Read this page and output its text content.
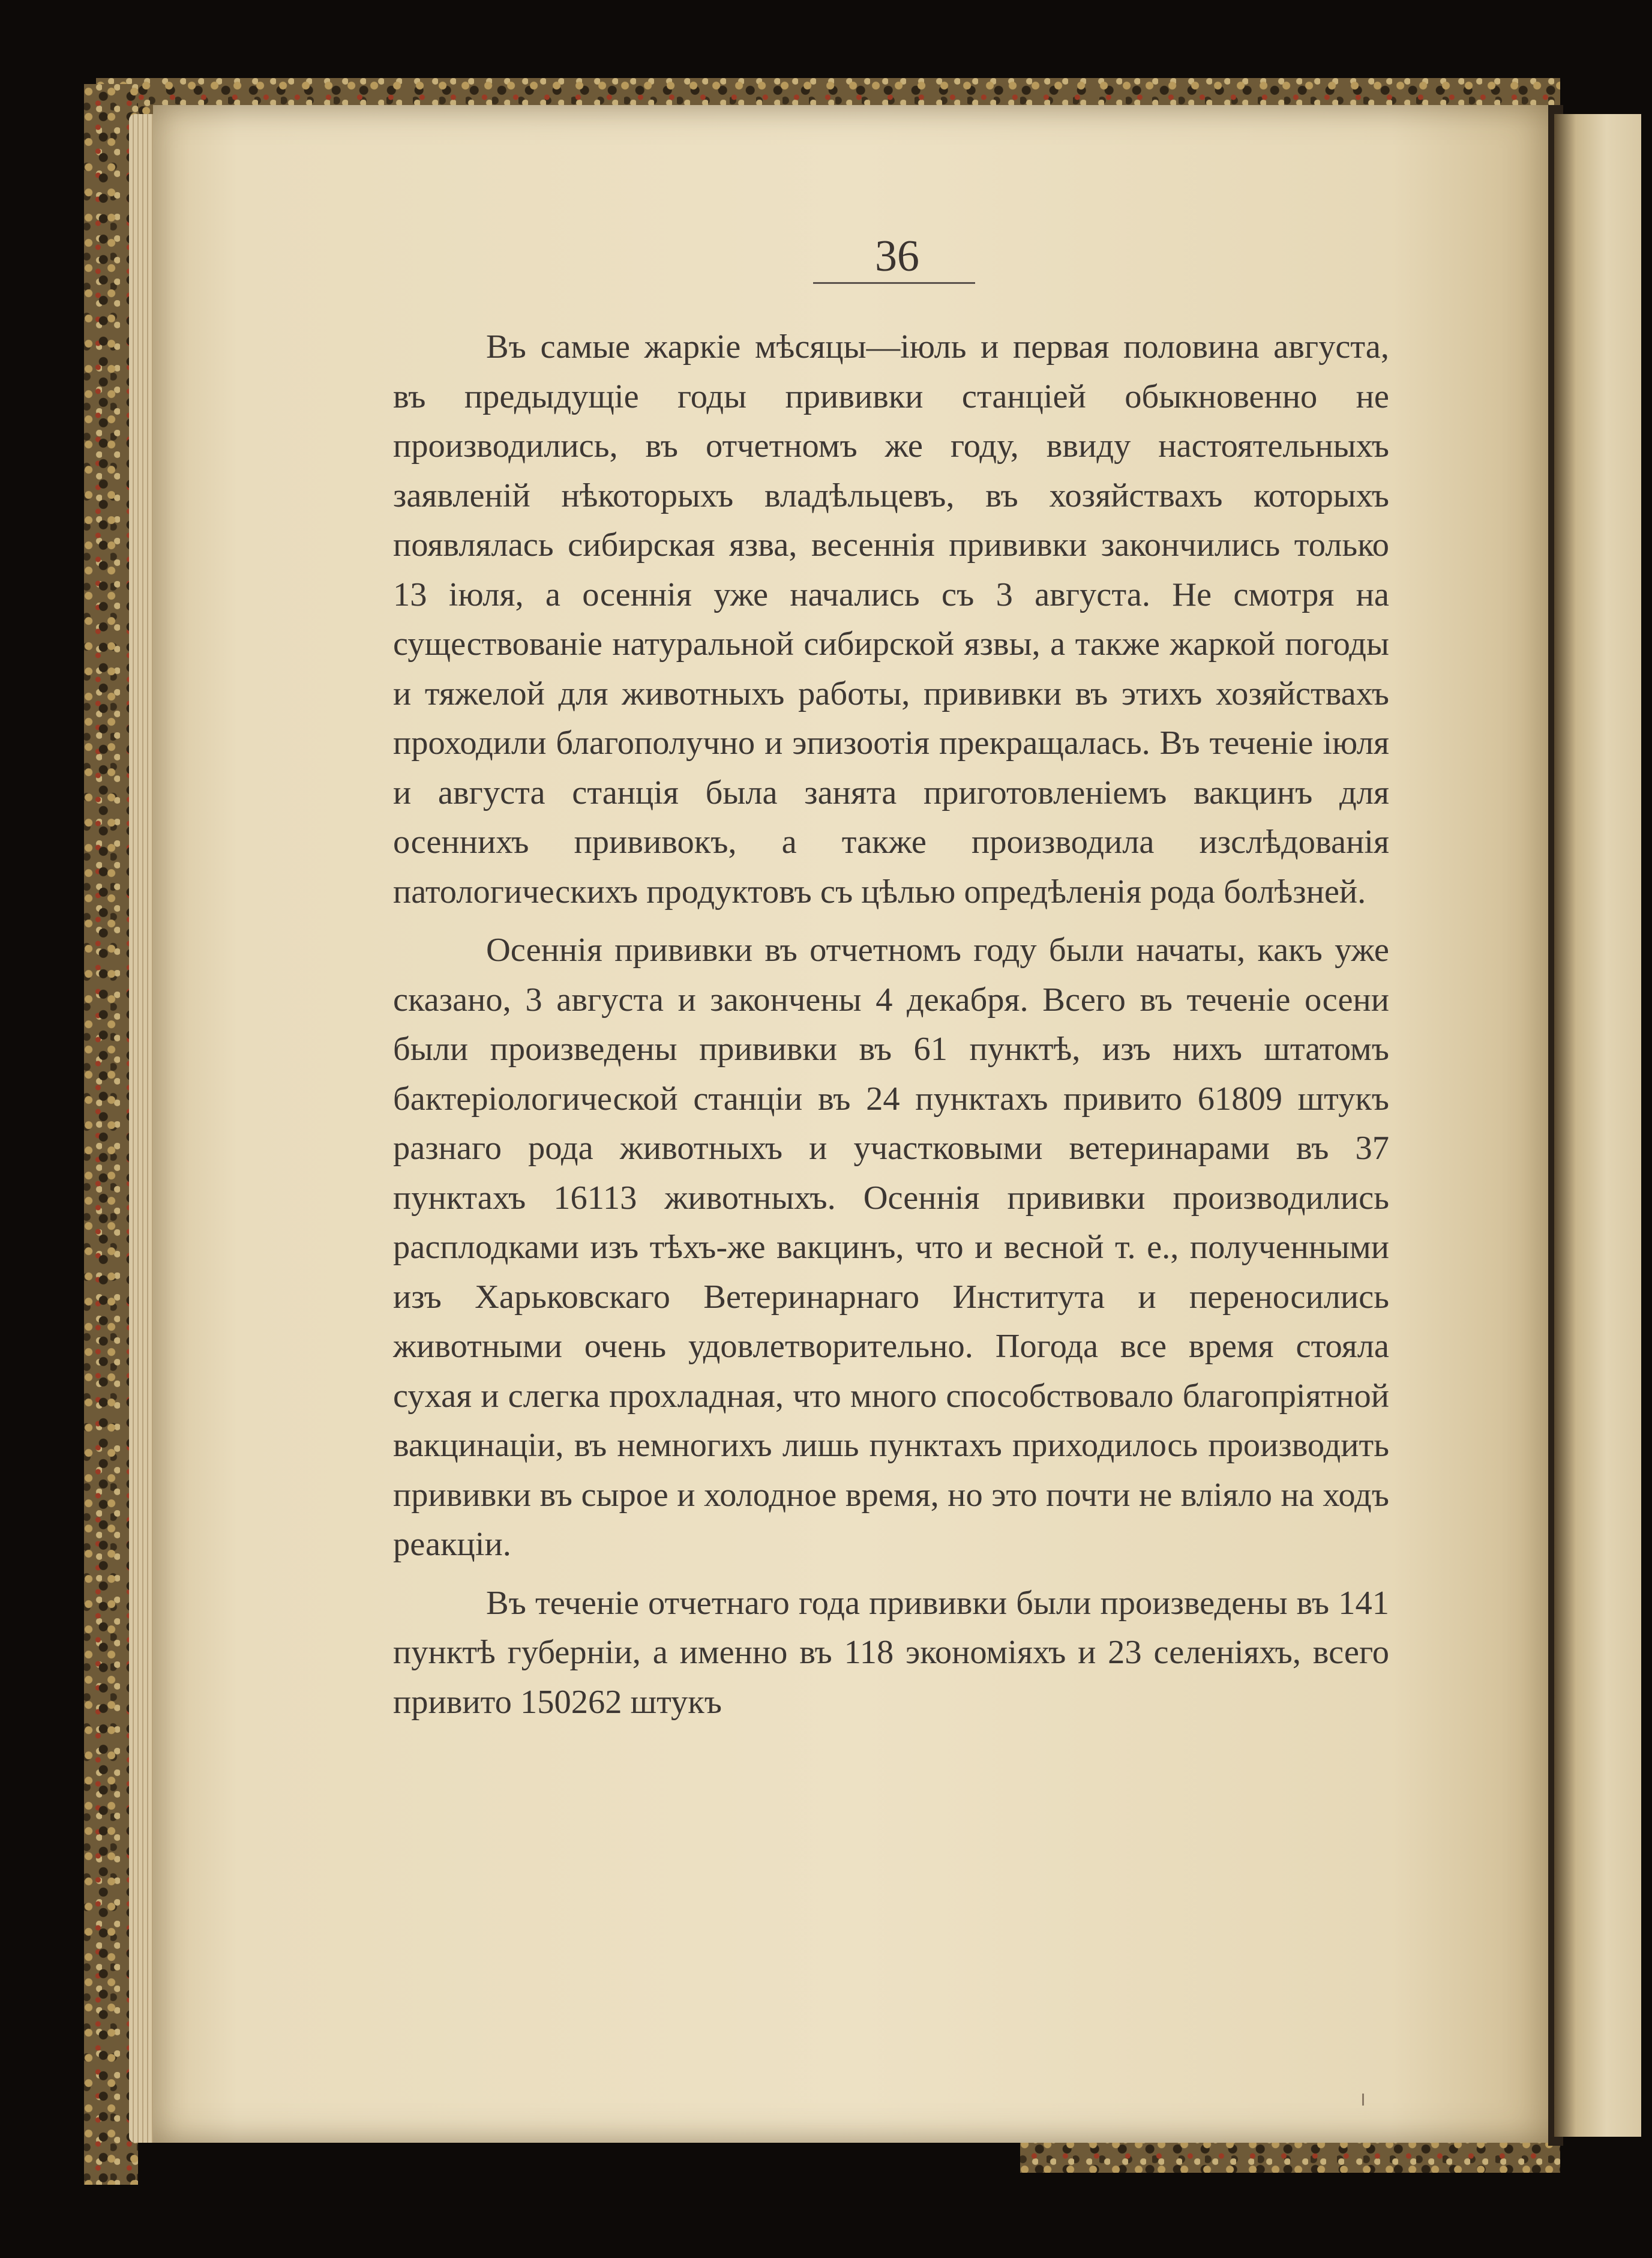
36

Въ самые жаркіе мѣсяцы—іюль и первая половина августа, въ предыдущіе годы прививки станціей обыкновенно не производились, въ отчетномъ же году, ввиду настоятельныхъ заявленій нѣкоторыхъ владѣльцевъ, въ хозяйствахъ которыхъ появлялась сибирская язва, весеннія прививки закончились только 13 іюля, а осеннія уже начались съ 3 августа. Не смотря на существованіе натуральной сибирской язвы, а также жаркой погоды и тяжелой для животныхъ работы, прививки въ этихъ хозяйствахъ проходили благополучно и эпизоотія прекращалась. Въ теченіе іюля и августа станція была занята приготовленіемъ вакцинъ для осеннихъ прививокъ, а также производила изслѣдованія патологическихъ продуктовъ съ цѣлью опредѣленія рода болѣзней.

Осеннія прививки въ отчетномъ году были начаты, какъ уже сказано, 3 августа и закончены 4 декабря. Всего въ теченіе осени были произведены прививки въ 61 пунктѣ, изъ нихъ штатомъ бактеріологической станціи въ 24 пунктахъ привито 61809 штукъ разнаго рода животныхъ и участковыми ветеринарами въ 37 пунктахъ 16113 животныхъ. Осеннія прививки производились расплодками изъ тѣхъ-же вакцинъ, что и весной т. е., полученными изъ Харьковскаго Ветеринарнаго Института и переносились животными очень удовлетворительно. Погода все время стояла сухая и слегка прохладная, что много способствовало благопріятной вакцинаціи, въ немногихъ лишь пунктахъ приходилось производить прививки въ сырое и холодное время, но это почти не вліяло на ходъ реакціи.

Въ теченіе отчетнаго года прививки были произведены въ 141 пунктѣ губерніи, а именно въ 118 экономіяхъ и 23 селеніяхъ, всего привито 150262 штукъ
